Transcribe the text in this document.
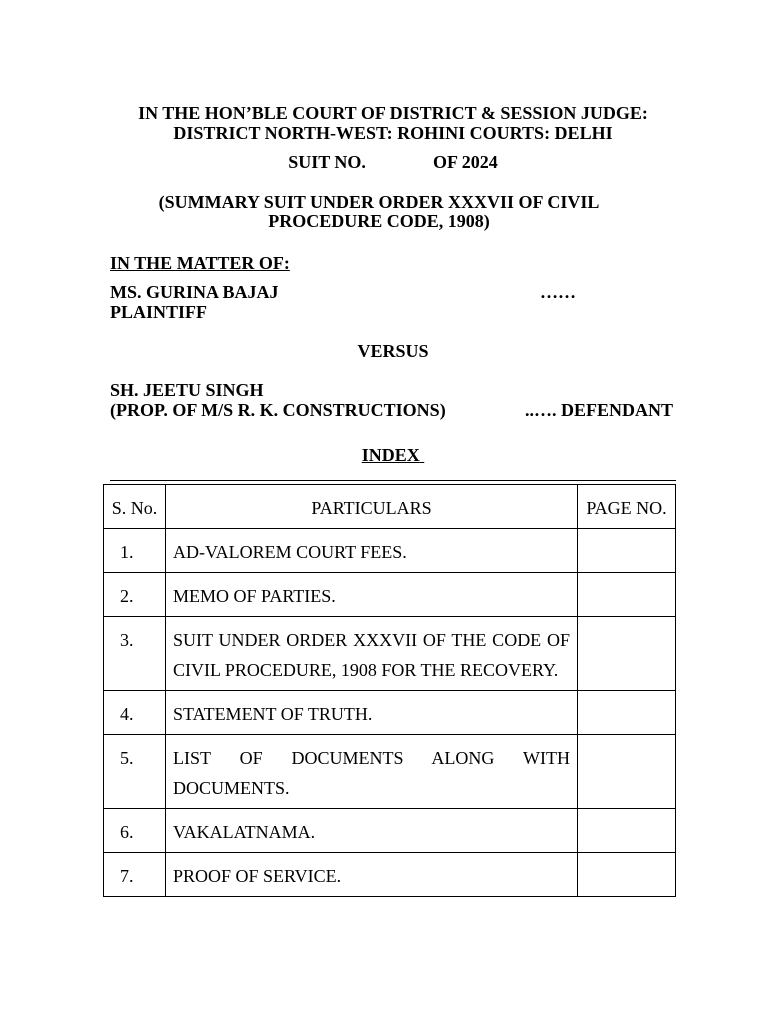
IN THE HON’BLE COURT OF DISTRICT & SESSION JUDGE:
DISTRICT NORTH-WEST: ROHINI COURTS: DELHI
SUIT NO.	OF 2024
(SUMMARY SUIT UNDER ORDER XXXVII OF CIVIL
PROCEDURE CODE, 1908)
IN THE MATTER OF:
MS. GURINA BAJAJ	……
PLAINTIFF
VERSUS
SH. JEETU SINGH
(PROP. OF M/S R. K. CONSTRUCTIONS)	..…. DEFENDANT
INDEX
S. No.	PARTICULARS	PAGE NO.
1.	AD-VALOREM COURT FEES.	
2.	MEMO OF PARTIES.	
3.	SUIT UNDER ORDER XXXVII OF THE CODE OF CIVIL PROCEDURE, 1908 FOR THE RECOVERY.	
4.	STATEMENT OF TRUTH.	
5.	LIST OF DOCUMENTS ALONG WITH DOCUMENTS.	
6.	VAKALATNAMA.	
7.	PROOF OF SERVICE.	
